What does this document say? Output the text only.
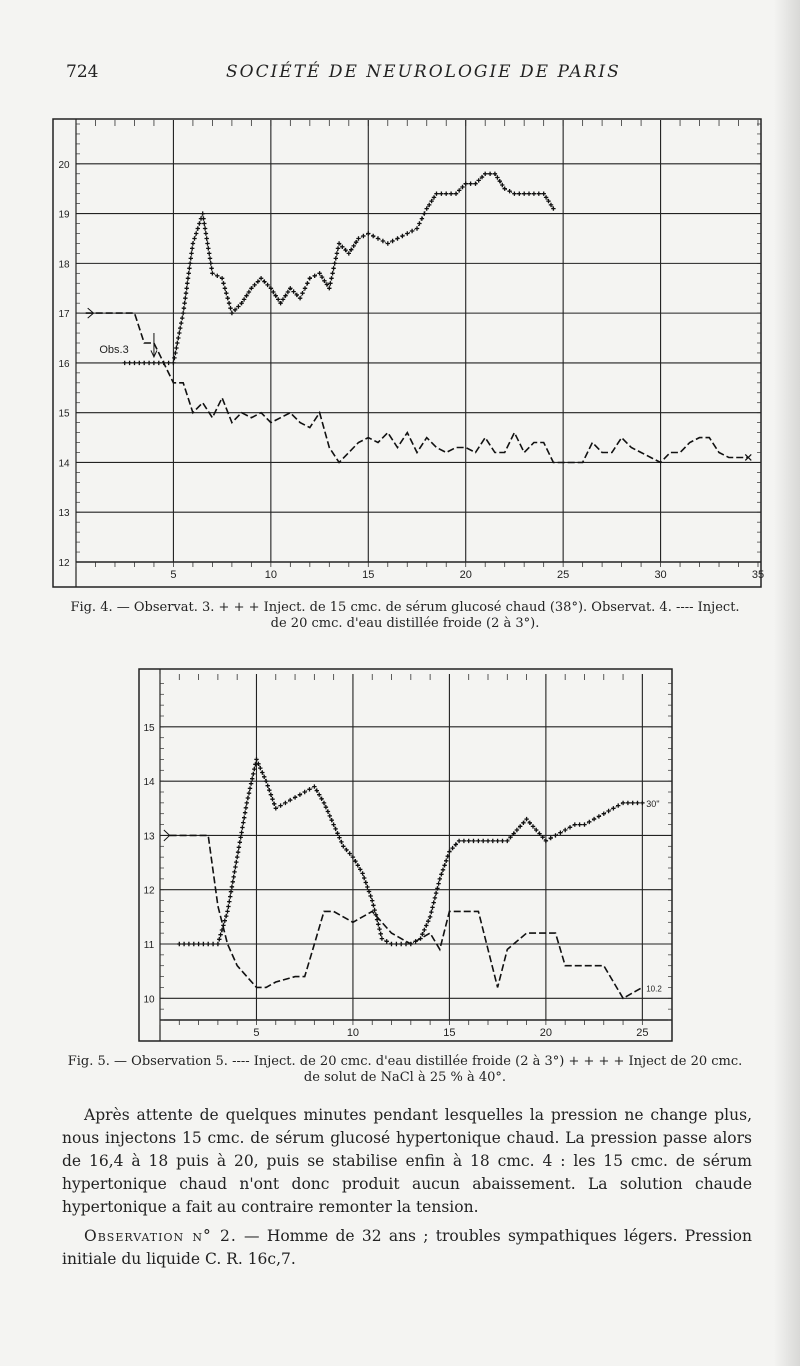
724	SOCIÉTÉ DE NEUROLOGIE DE PARIS
5	10	15	20	25	30	35
20
19
18
17
16
15
14
13
12
Obs.3
Fig. 4. — Observat. 3. + + + Inject. de 15 cmc. de sérum glucosé chaud (38°). Observat. 4. ---- Inject.
de 20 cmc. d'eau distillée froide (2 à 3°).
5	10	15	20	25
15
14
13
12
11
10
30''
10.2
Fig. 5. — Observation 5. ---- Inject. de 20 cmc. d'eau distillée froide (2 à 3°) + + + + Inject de 20 cmc.
de solut de NaCl à 25 % à 40°.

Après attente de quelques minutes pendant lesquelles la pression ne change plus, nous injectons 15 cmc. de sérum glucosé hypertonique chaud. La pression passe alors de 16,4 à 18 puis à 20, puis se stabilise enfin à 18 cmc. 4 : les 15 cmc. de sérum hypertonique chaud n'ont donc produit aucun abaissement. La solution chaude hypertonique a fait au contraire remonter la tension.

Observation n° 2. — Homme de 32 ans ; troubles sympathiques légers. Pression initiale du liquide C. R. 16c,7.
